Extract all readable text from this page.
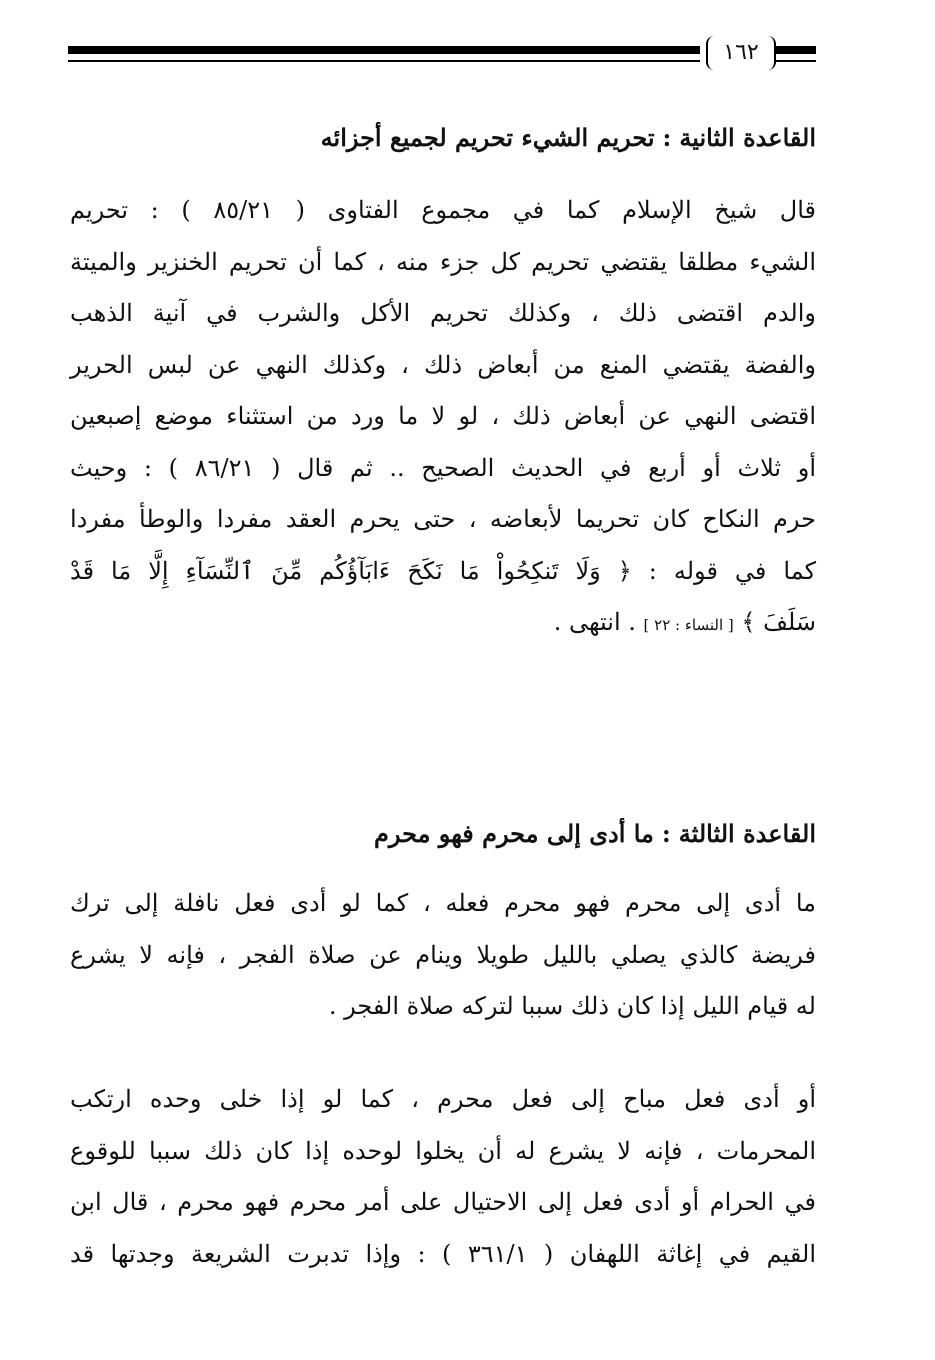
١٦٢
القاعدة الثانية:تحريم الشيء تحريم لجميع أجزائه
قال شيخ الإسلام كما في مجموع الفتاوى ( ٨٥/٢١ ) : تحريم
الشيء مطلقا يقتضي تحريم كل جزء منه ، كما أن تحريم الخنزير والميتة
والدم اقتضى ذلك ، وكذلك تحريم الأكل والشرب في آنية الذهب
والفضة يقتضي المنع من أبعاض ذلك ، وكذلك النهي عن لبس الحرير
اقتضى النهي عن أبعاض ذلك ، لو لا ما ورد من استثناء موضع إصبعين
أو ثلاث أو أربع في الحديث الصحيح .. ثم قال ( ٨٦/٢١ ) : وحيث
حرم النكاح كان تحريما لأبعاضه ، حتى يحرم العقد مفردا والوطأ مفردا
كما في قوله : ﴿ وَلَا تَنكِحُواْ مَا نَكَحَ ءَابَآؤُكُم مِّنَ ٱلنِّسَآءِ إِلَّا مَا قَدْ
سَلَفَ ﴾ [ النساء : ٢٢ ] . انتهى .
القاعدة الثالثة:ما أدى إلى محرم فهو محرم
ما أدى إلى محرم فهو محرم فعله ، كما لو أدى فعل نافلة إلى ترك
فريضة كالذي يصلي بالليل طويلا وينام عن صلاة الفجر ، فإنه لا يشرع
له قيام الليل إذا كان ذلك سببا لتركه صلاة الفجر .
أو أدى فعل مباح إلى فعل محرم ، كما لو إذا خلى وحده ارتكب
المحرمات ، فإنه لا يشرع له أن يخلوا لوحده إذا كان ذلك سببا للوقوع
في الحرام أو أدى فعل إلى الاحتيال على أمر محرم فهو محرم ، قال ابن
القيم في إغاثة اللهفان ( ٣٦١/١ ) : وإذا تدبرت الشريعة وجدتها قد
